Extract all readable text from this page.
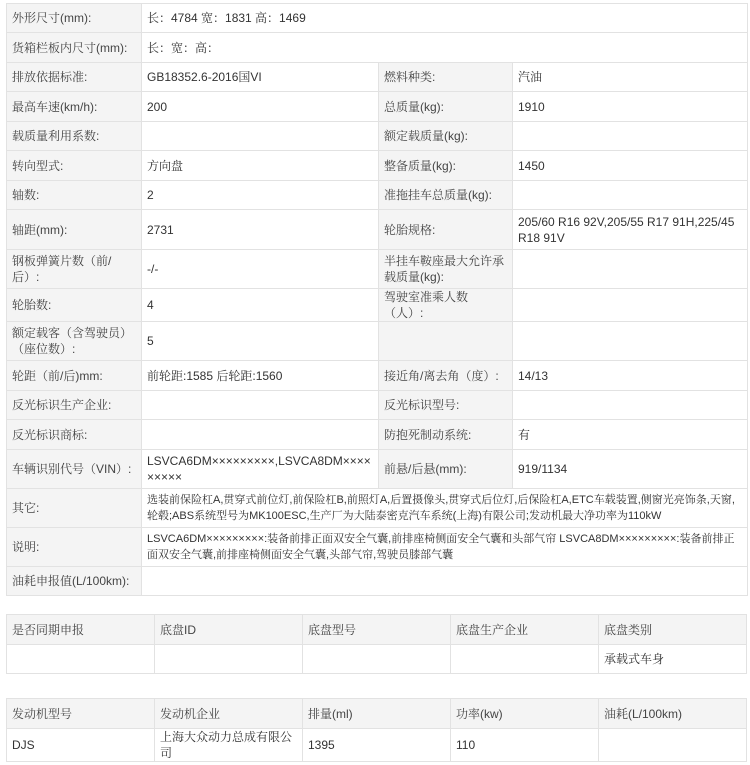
外形尺寸(mm):	长：4784 宽：1831 高：1469		
货箱栏板内尺寸(mm):	长：宽：高：		
排放依据标准:	GB18352.6-2016国VI	燃料种类:	汽油
最高车速(km/h):	200	总质量(kg):	1910
载质量利用系数:		额定载质量(kg):	
转向型式:	方向盘	整备质量(kg):	1450
轴数:	2	准拖挂车总质量(kg):	
轴距(mm):	2731	轮胎规格:	205/60 R16 92V,205/55 R17 91H,225/45 R18 91V
钢板弹簧片数（前/后）:	-/-	半挂车鞍座最大允许承载质量(kg):	
轮胎数:	4	驾驶室准乘人数（人）:	
额定载客（含驾驶员）（座位数）:	5		
轮距（前/后)mm:	前轮距:1585 后轮距:1560	接近角/离去角（度）:	14/13
反光标识生产企业:		反光标识型号:	
反光标识商标:		防抱死制动系统:	有
车辆识别代号（VIN）:	LSVCA6DM×××××××××,LSVCA8DM×××××××××	前悬/后悬(mm):	919/1134
其它:	选装前保险杠A,贯穿式前位灯,前保险杠B,前照灯A,后置摄像头,贯穿式后位灯,后保险杠A,ETC车载装置,侧窗光亮饰条,天窗,轮毂;ABS系统型号为MK100ESC,生产厂为大陆泰密克汽车系统(上海)有限公司;发动机最大净功率为110kW		
说明:	LSVCA6DM×××××××××:装备前排正面双安全气囊,前排座椅侧面安全气囊和头部气帘 LSVCA8DM×××××××××:装备前排正面双安全气囊,前排座椅侧面安全气囊,头部气帘,驾驶员膝部气囊		
油耗申报值(L/100km):			
是否同期申报	底盘ID	底盘型号	底盘生产企业	底盘类别
				承载式车身
发动机型号	发动机企业	排量(ml)	功率(kw)	油耗(L/100km)
DJS	上海大众动力总成有限公司	1395	110	
